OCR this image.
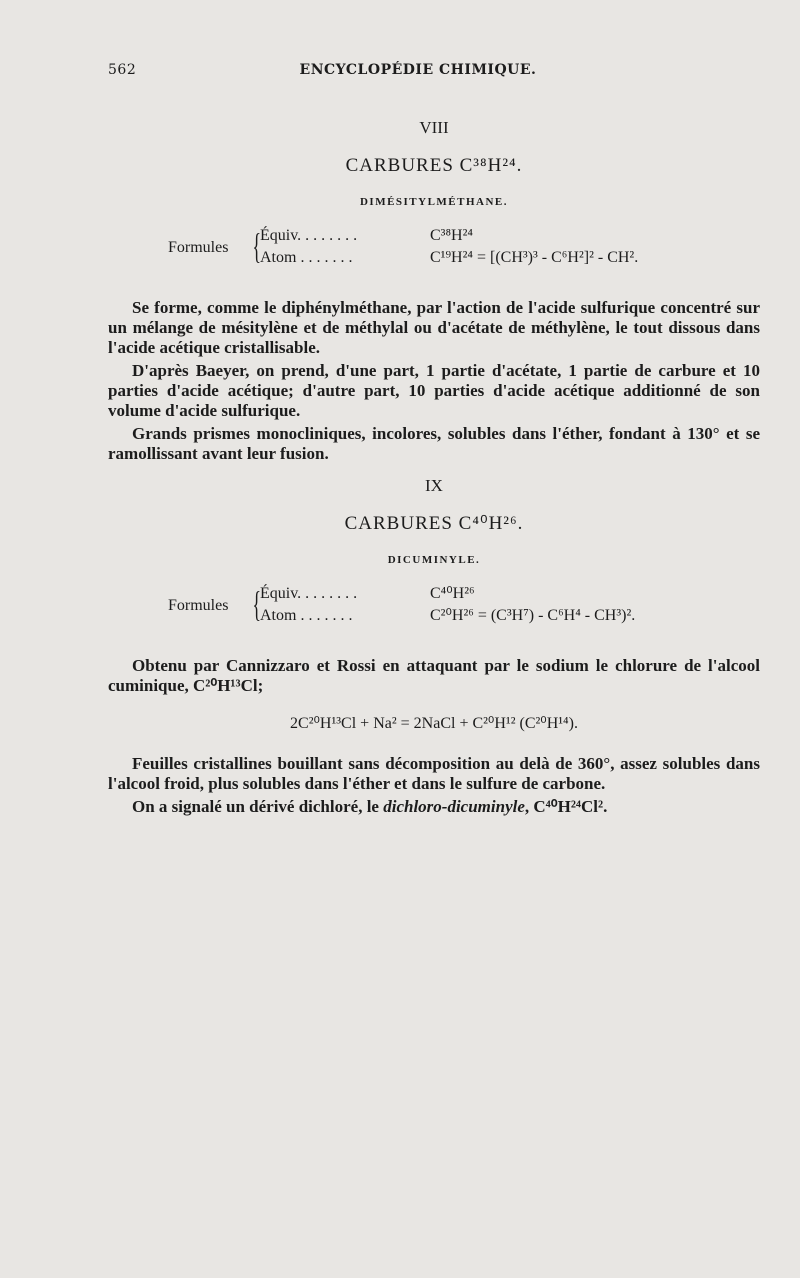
562	ENCYCLOPÉDIE CHIMIQUE.
VIII
CARBURES C³⁸H²⁴.
DIMÉSITYLMÉTHANE.
Formules { Équiv. . . . . . . .	C³⁸H²⁴
Atom . . . . . . .	C¹⁹H²⁴ = [(CH³)³ - C⁶H²]² - CH².

Se forme, comme le diphénylméthane, par l'action de l'acide sulfurique concentré sur un mélange de mésitylène et de méthylal ou d'acétate de méthylène, le tout dissous dans l'acide acétique cristallisable.

D'après Baeyer, on prend, d'une part, 1 partie d'acétate, 1 partie de carbure et 10 parties d'acide acétique; d'autre part, 10 parties d'acide acétique additionné de son volume d'acide sulfurique.

Grands prismes monocliniques, incolores, solubles dans l'éther, fondant à 130° et se ramollissant avant leur fusion.

IX
CARBURES C⁴⁰H²⁶.
DICUMINYLE.
Formules { Équiv. . . . . . . .	C⁴⁰H²⁶
Atom . . . . . . .	C²⁰H²⁶ = (C³H⁷) - C⁶H⁴ - CH³)².

Obtenu par Cannizzaro et Rossi en attaquant par le sodium le chlorure de l'alcool cuminique, C²⁰H¹³Cl;

2C²⁰H¹³Cl + Na² = 2NaCl + C²⁰H¹² (C²⁰H¹⁴).

Feuilles cristallines bouillant sans décomposition au delà de 360°, assez solubles dans l'alcool froid, plus solubles dans l'éther et dans le sulfure de carbone.

On a signalé un dérivé dichloré, le dichloro-dicuminyle, C⁴⁰H²⁴Cl².
